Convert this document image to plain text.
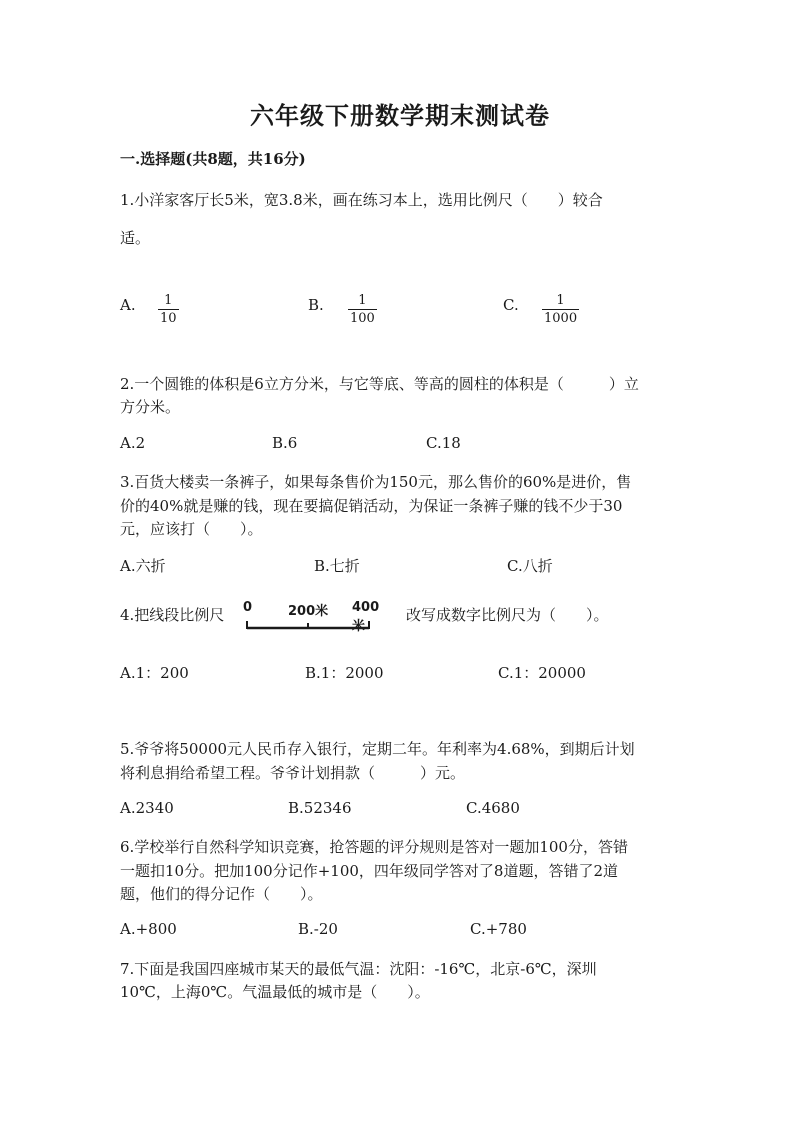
六年级下册数学期末测试卷
一.选择题(共8题，共16分)
1.小洋家客厅长5米，宽3.8米，画在练习本上，选用比例尺（　　）较合
适。
A. $\frac{1}{10}$	B. $\frac{1}{100}$	C. $\frac{1}{1000}$
2.一个圆锥的体积是6立方分米，与它等底、等高的圆柱的体积是（　　　）立
方分米。
A.2	B.6	C.18
3.百货大楼卖一条裤子，如果每条售价为150元，那么售价的60%是进价，售
价的40%就是赚的钱，现在要搞促销活动，为保证一条裤子赚的钱不少于30
元，应该打（　　）。
A.六折	B.七折	C.八折
4.把线段比例尺 0	200米 400米
改写成数字比例尺为（　　）。
A.1：200	B.1：2000	C.1：20000
5.爷爷将50000元人民币存入银行，定期二年。年利率为4.68%，到期后计划
将利息捐给希望工程。爷爷计划捐款（　　　）元。
A.2340	B.52346	C.4680
6.学校举行自然科学知识竞赛，抢答题的评分规则是答对一题加100分，答错
一题扣10分。把加100分记作+100，四年级同学答对了8道题，答错了2道
题，他们的得分记作（　　）。
A.+800	B.-20	C.+780
7.下面是我国四座城市某天的最低气温：沈阳：-16℃，北京-6℃，深圳
10℃，上海0℃。气温最低的城市是（　　）。
